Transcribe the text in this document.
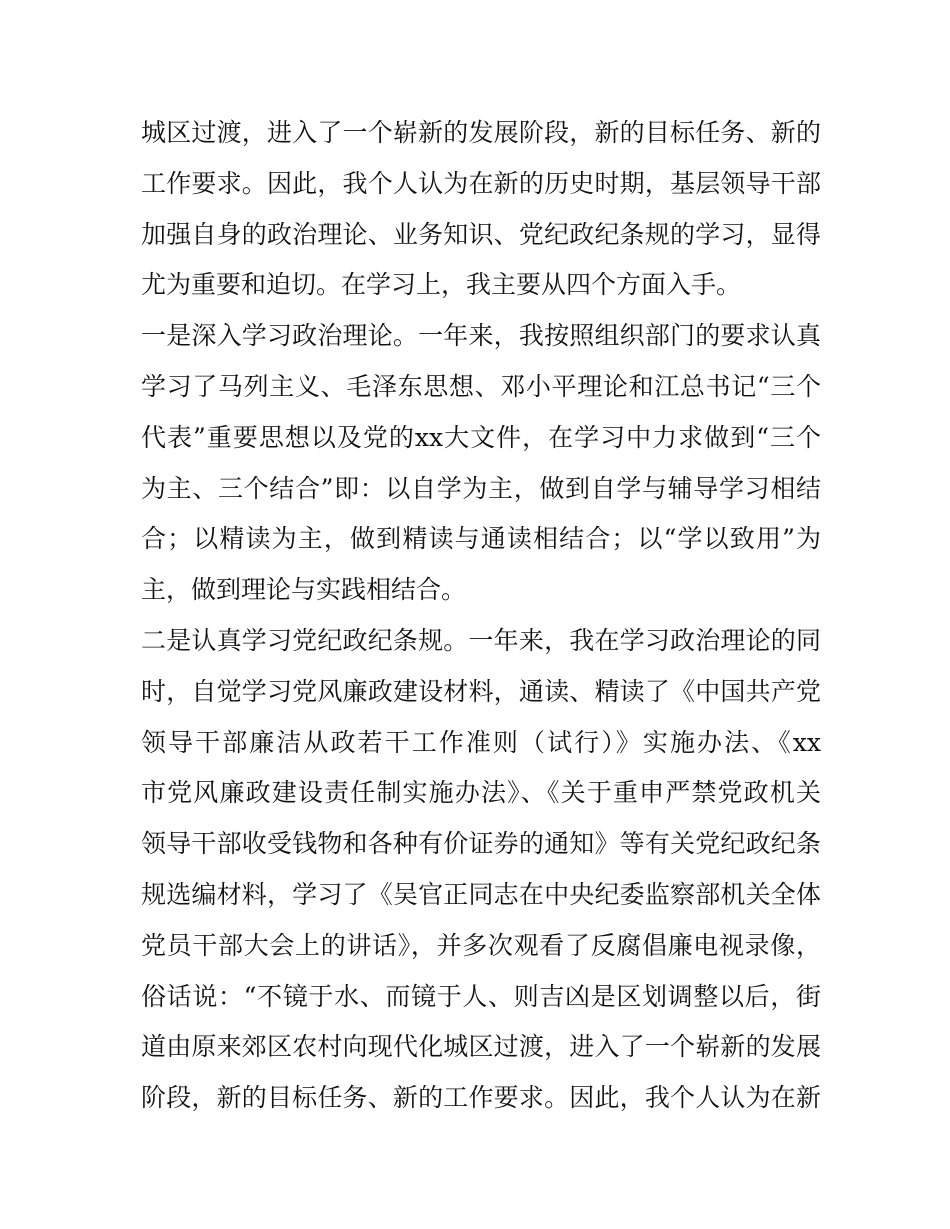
城区过渡，进入了一个崭新的发展阶段，新的目标任务、新的
工作要求。因此，我个人认为在新的历史时期，基层领导干部
加强自身的政治理论、业务知识、党纪政纪条规的学习，显得
尤为重要和迫切。在学习上，我主要从四个方面入手。
一是深入学习政治理论。一年来，我按照组织部门的要求认真
学习了马列主义、毛泽东思想、邓小平理论和江总书记“三个
代表”重要思想以及党的xx大文件，在学习中力求做到“三个
为主、三个结合”即：以自学为主，做到自学与辅导学习相结
合；以精读为主，做到精读与通读相结合；以“学以致用”为
主，做到理论与实践相结合。
二是认真学习党纪政纪条规。一年来，我在学习政治理论的同
时，自觉学习党风廉政建设材料，通读、精读了《中国共产党
领导干部廉洁从政若干工作准则（试行）》实施办法、《xx
市党风廉政建设责任制实施办法》、《关于重申严禁党政机关
领导干部收受钱物和各种有价证券的通知》等有关党纪政纪条
规选编材料，学习了《吴官正同志在中央纪委监察部机关全体
党员干部大会上的讲话》，并多次观看了反腐倡廉电视录像，
俗话说：“不镜于水、而镜于人、则吉凶是区划调整以后，街
道由原来郊区农村向现代化城区过渡，进入了一个崭新的发展
阶段，新的目标任务、新的工作要求。因此，我个人认为在新
